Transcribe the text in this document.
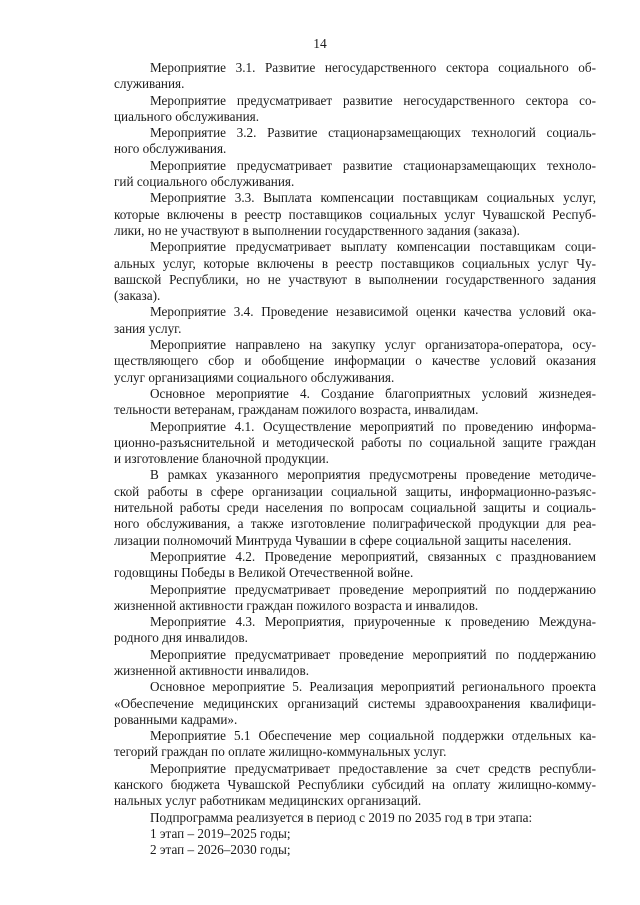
14
Мероприятие 3.1. Развитие негосударственного сектора социального об-
служивания.
Мероприятие предусматривает развитие негосударственного сектора со-
циального обслуживания.
Мероприятие 3.2. Развитие стационарзамещающих технологий социаль-
ного обслуживания.
Мероприятие предусматривает развитие стационарзамещающих техноло-
гий социального обслуживания.
Мероприятие 3.3. Выплата компенсации поставщикам социальных услуг,
которые включены в реестр поставщиков социальных услуг Чувашской Респуб-
лики, но не участвуют в выполнении государственного задания (заказа).
Мероприятие предусматривает выплату компенсации поставщикам соци-
альных услуг, которые включены в реестр поставщиков социальных услуг Чу-
вашской Республики, но не участвуют в выполнении государственного задания
(заказа).
Мероприятие 3.4. Проведение независимой оценки качества условий ока-
зания услуг.
Мероприятие направлено на закупку услуг организатора-оператора, осу-
ществляющего сбор и обобщение информации о качестве условий оказания
услуг организациями социального обслуживания.
Основное мероприятие 4. Создание благоприятных условий жизнедея-
тельности ветеранам, гражданам пожилого возраста, инвалидам.
Мероприятие 4.1. Осуществление мероприятий по проведению информа-
ционно-разъяснительной и методической работы по социальной защите граждан
и изготовление бланочной продукции.
В рамках указанного мероприятия предусмотрены проведение методиче-
ской работы в сфере организации социальной защиты, информационно-разъяс-
нительной работы среди населения по вопросам социальной защиты и социаль-
ного обслуживания, а также изготовление полиграфической продукции для реа-
лизации полномочий Минтруда Чувашии в сфере социальной защиты населения.
Мероприятие 4.2. Проведение мероприятий, связанных с празднованием
годовщины Победы в Великой Отечественной войне.
Мероприятие предусматривает проведение мероприятий по поддержанию
жизненной активности граждан пожилого возраста и инвалидов.
Мероприятие 4.3. Мероприятия, приуроченные к проведению Междуна-
родного дня инвалидов.
Мероприятие предусматривает проведение мероприятий по поддержанию
жизненной активности инвалидов.
Основное мероприятие 5. Реализация мероприятий регионального проекта
«Обеспечение медицинских организаций системы здравоохранения квалифици-
рованными кадрами».
Мероприятие 5.1 Обеспечение мер социальной поддержки отдельных ка-
тегорий граждан по оплате жилищно-коммунальных услуг.
Мероприятие предусматривает предоставление за счет средств республи-
канского бюджета Чувашской Республики субсидий на оплату жилищно-комму-
нальных услуг работникам медицинских организаций.
Подпрограмма реализуется в период с 2019 по 2035 год в три этапа:
1 этап – 2019–2025 годы;
2 этап – 2026–2030 годы;
